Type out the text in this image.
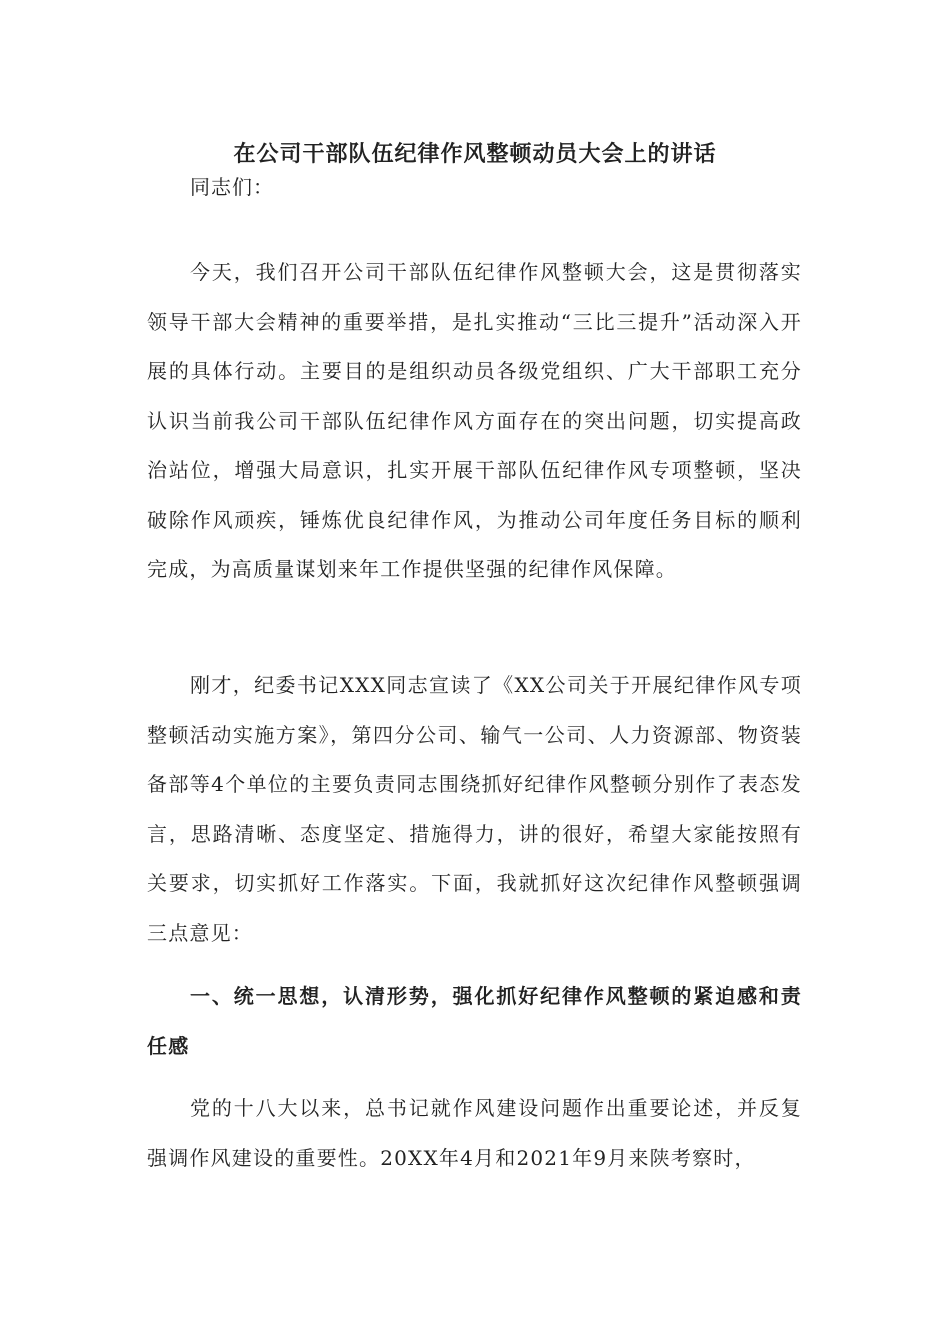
在公司干部队伍纪律作风整顿动员大会上的讲话
同志们：

今天，我们召开公司干部队伍纪律作风整顿大会，这是贯彻落实领导干部大会精神的重要举措，是扎实推动“三比三提升”活动深入开展的具体行动。主要目的是组织动员各级党组织、广大干部职工充分认识当前我公司干部队伍纪律作风方面存在的突出问题，切实提高政治站位，增强大局意识，扎实开展干部队伍纪律作风专项整顿，坚决破除作风顽疾，锤炼优良纪律作风，为推动公司年度任务目标的顺利完成，为高质量谋划来年工作提供坚强的纪律作风保障。

刚才，纪委书记XXX同志宣读了《XX公司关于开展纪律作风专项整顿活动实施方案》，第四分公司、输气一公司、人力资源部、物资装备部等4个单位的主要负责同志围绕抓好纪律作风整顿分别作了表态发言，思路清晰、态度坚定、措施得力，讲的很好，希望大家能按照有关要求，切实抓好工作落实。下面，我就抓好这次纪律作风整顿强调三点意见：

一、统一思想，认清形势，强化抓好纪律作风整顿的紧迫感和责任感

党的十八大以来，总书记就作风建设问题作出重要论述，并反复强调作风建设的重要性。20XX年4月和2021年9月来陕考察时，
